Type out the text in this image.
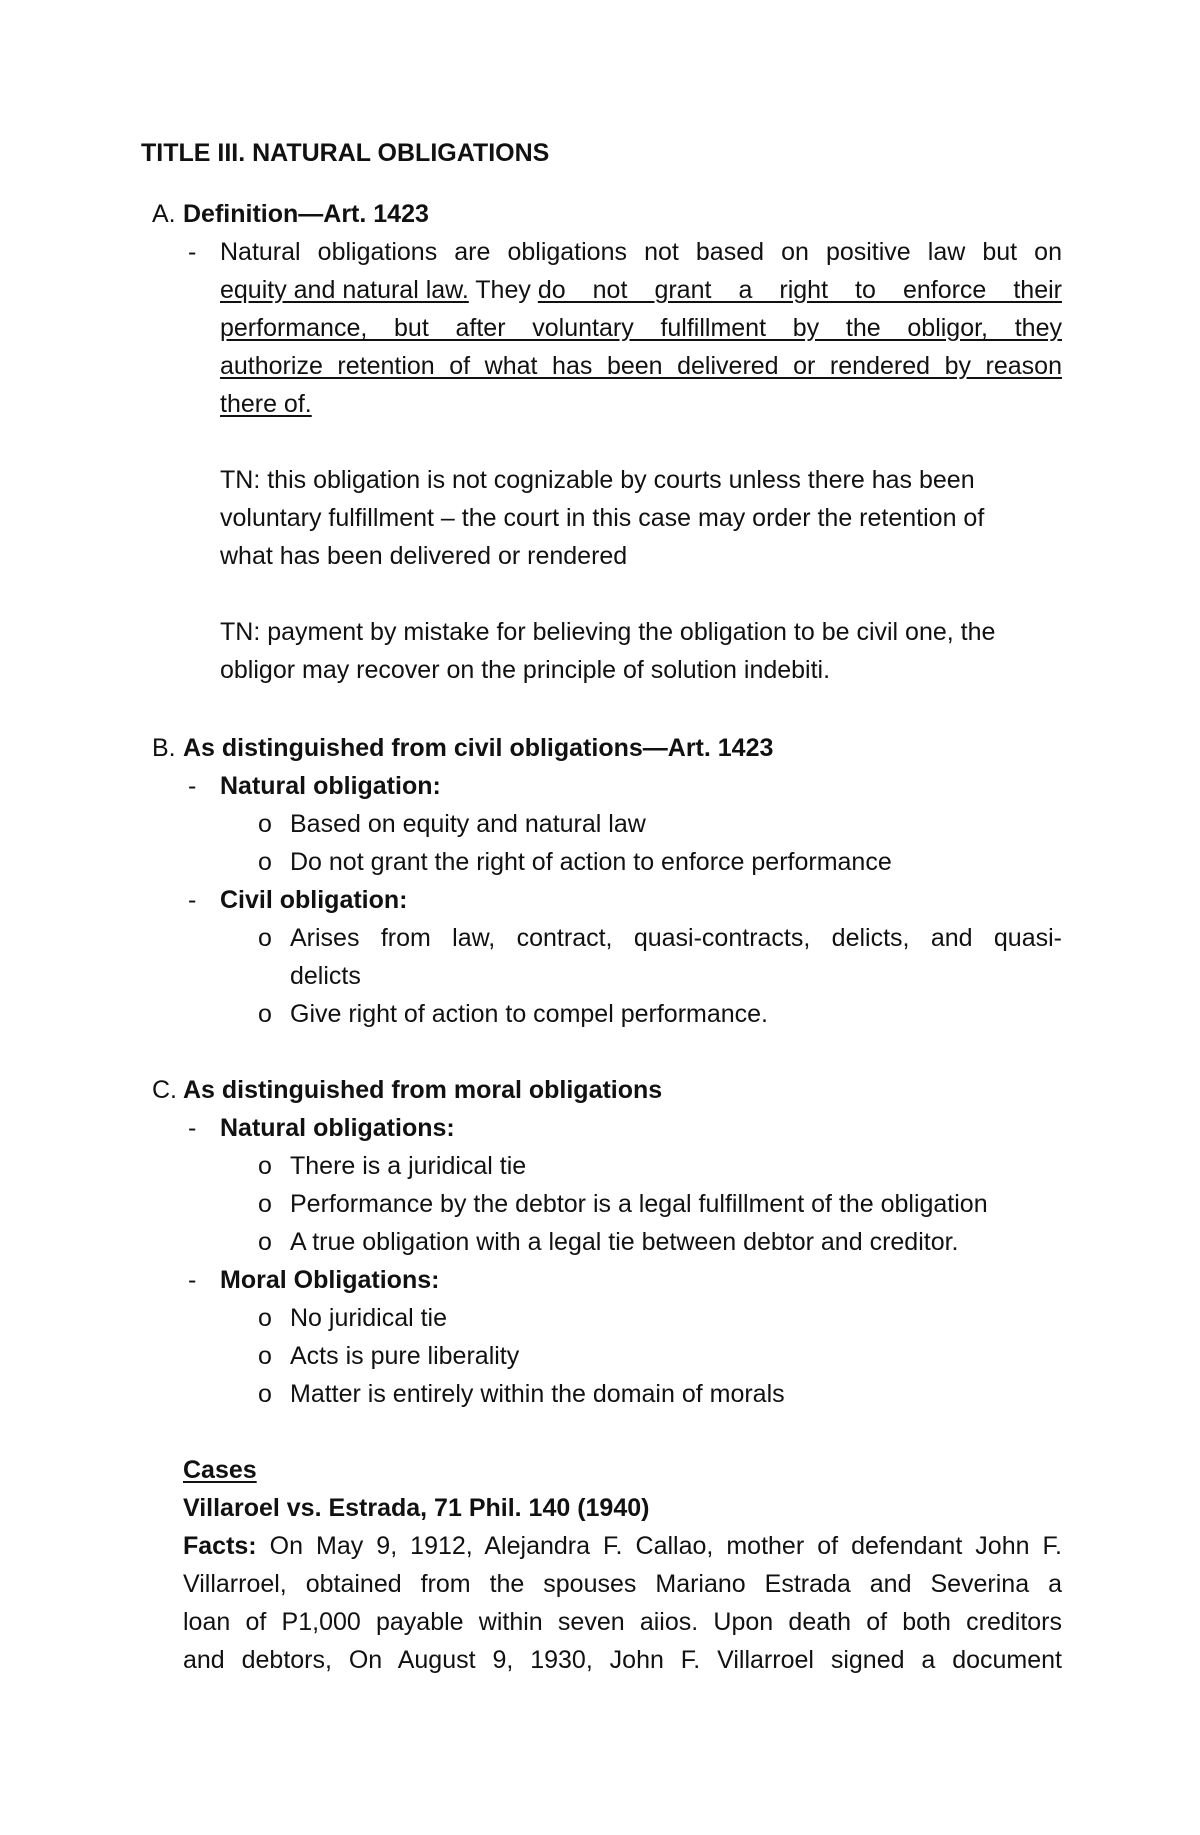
TITLE III. NATURAL OBLIGATIONS
A. Definition—Art. 1423
- Natural obligations are obligations not based on positive law but on
equity and natural law. They do not grant a right to enforce their
performance, but after voluntary fulfillment by the obligor, they
authorize retention of what has been delivered or rendered by reason
there of.
TN: this obligation is not cognizable by courts unless there has been
voluntary fulfillment – the court in this case may order the retention of
what has been delivered or rendered
TN: payment by mistake for believing the obligation to be civil one, the
obligor may recover on the principle of solution indebiti.
B. As distinguished from civil obligations—Art. 1423
- Natural obligation:
o Based on equity and natural law
o Do not grant the right of action to enforce performance
- Civil obligation:
o Arises from law, contract, quasi-contracts, delicts, and quasi-
delicts
o Give right of action to compel performance.
C. As distinguished from moral obligations
- Natural obligations:
o There is a juridical tie
o Performance by the debtor is a legal fulfillment of the obligation
o A true obligation with a legal tie between debtor and creditor.
- Moral Obligations:
o No juridical tie
o Acts is pure liberality
o Matter is entirely within the domain of morals
Cases
Villaroel vs. Estrada, 71 Phil. 140 (1940)
Facts: On May 9, 1912, Alejandra F. Callao, mother of defendant John F.
Villarroel, obtained from the spouses Mariano Estrada and Severina a
loan of P1,000 payable within seven aiios. Upon death of both creditors
and debtors, On August 9, 1930, John F. Villarroel signed a document
